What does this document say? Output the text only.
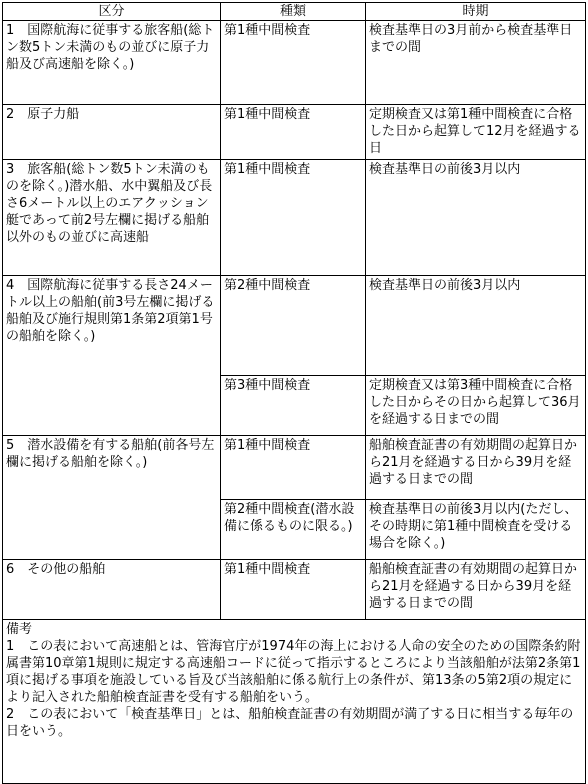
区分	種類	時期
1　国際航海に従事する旅客船(総トン数5トン未満のもの並びに原子力船及び高速船を除く。)	第1種中間検査	検査基準日の3月前から検査基準日までの間
2　原子力船	第1種中間検査	定期検査又は第1種中間検査に合格した日から起算して12月を経過する日
3　旅客船(総トン数5トン未満のものを除く。)潜水船、水中翼船及び長さ6メートル以上のエアクッション艇であって前2号左欄に掲げる船舶以外のもの並びに高速船	第1種中間検査	検査基準日の前後3月以内
4　国際航海に従事する長さ24メートル以上の船舶(前3号左欄に掲げる船舶及び施行規則第1条第2項第1号の船舶を除く。)	第2種中間検査	検査基準日の前後3月以内
	第3種中間検査	定期検査又は第3種中間検査に合格した日からその日から起算して36月を経過する日までの間
5　潜水設備を有する船舶(前各号左欄に掲げる船舶を除く。)	第1種中間検査	船舶検査証書の有効期間の起算日から21月を経過する日から39月を経過する日までの間
	第2種中間検査(潜水設備に係るものに限る。)	検査基準日の前後3月以内(ただし、その時期に第1種中間検査を受ける場合を除く。)
6　その他の船舶	第1種中間検査	船舶検査証書の有効期間の起算日から21月を経過する日から39月を経過する日までの間

備考
1　この表において高速船とは、管海官庁が1974年の海上における人命の安全のための国際条約附属書第10章第1規則に規定する高速船コードに従って指示するところにより当該船舶が法第2条第1項に掲げる事項を施設している旨及び当該船舶に係る航行上の条件が、第13条の5第2項の規定により記入された船舶検査証書を受有する船舶をいう。
2　この表において「検査基準日」とは、船舶検査証書の有効期間が満了する日に相当する毎年の日をいう。		
